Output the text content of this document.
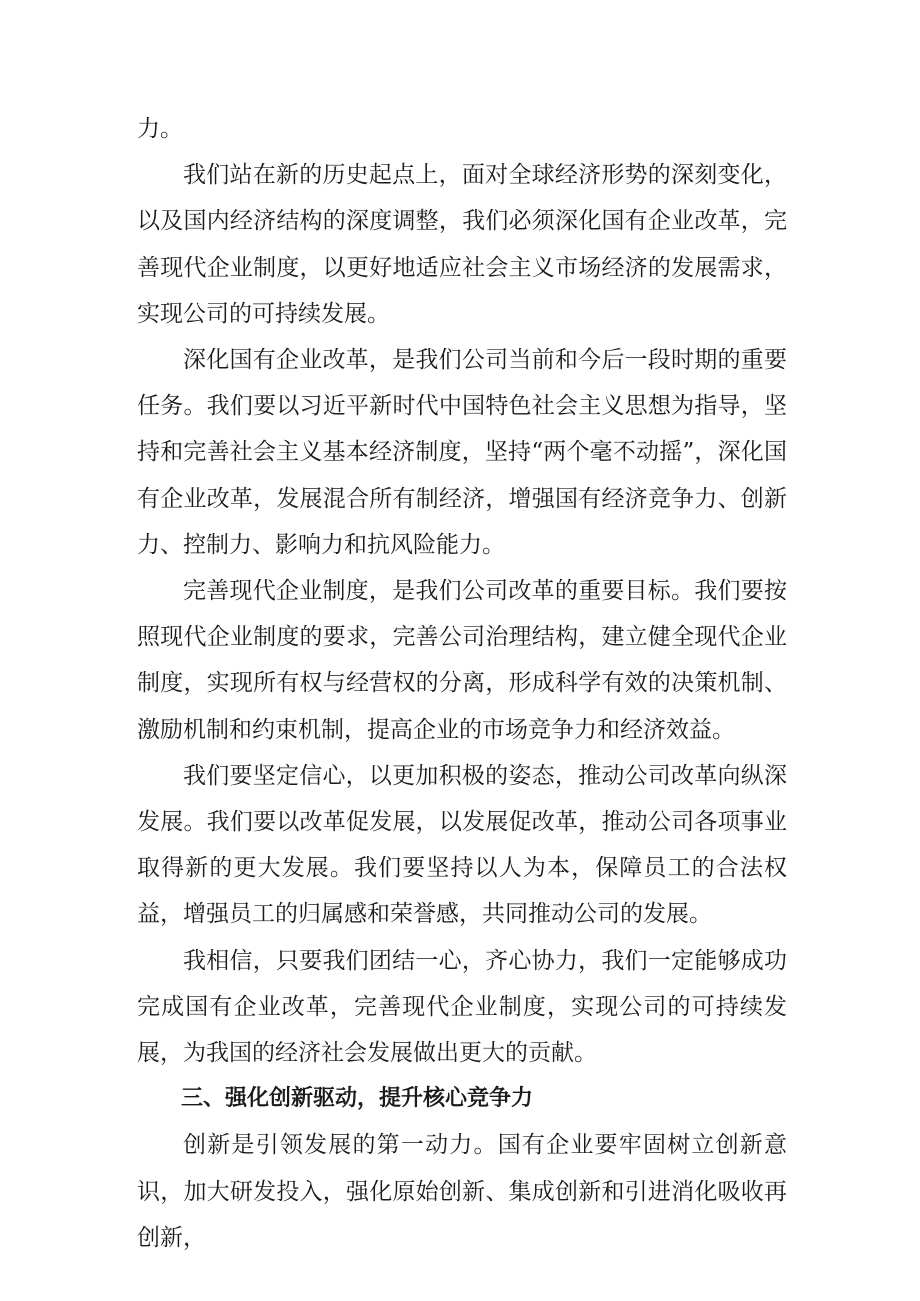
力。

我们站在新的历史起点上，面对全球经济形势的深刻变化，以及国内经济结构的深度调整，我们必须深化国有企业改革，完善现代企业制度，以更好地适应社会主义市场经济的发展需求，实现公司的可持续发展。

深化国有企业改革，是我们公司当前和今后一段时期的重要任务。我们要以习近平新时代中国特色社会主义思想为指导，坚持和完善社会主义基本经济制度，坚持“两个毫不动摇”，深化国有企业改革，发展混合所有制经济，增强国有经济竞争力、创新力、控制力、影响力和抗风险能力。

完善现代企业制度，是我们公司改革的重要目标。我们要按照现代企业制度的要求，完善公司治理结构，建立健全现代企业制度，实现所有权与经营权的分离，形成科学有效的决策机制、激励机制和约束机制，提高企业的市场竞争力和经济效益。

我们要坚定信心，以更加积极的姿态，推动公司改革向纵深发展。我们要以改革促发展，以发展促改革，推动公司各项事业取得新的更大发展。我们要坚持以人为本，保障员工的合法权益，增强员工的归属感和荣誉感，共同推动公司的发展。

我相信，只要我们团结一心，齐心协力，我们一定能够成功完成国有企业改革，完善现代企业制度，实现公司的可持续发展，为我国的经济社会发展做出更大的贡献。

三、强化创新驱动，提升核心竞争力

创新是引领发展的第一动力。国有企业要牢固树立创新意识，加大研发投入，强化原始创新、集成创新和引进消化吸收再创新，
